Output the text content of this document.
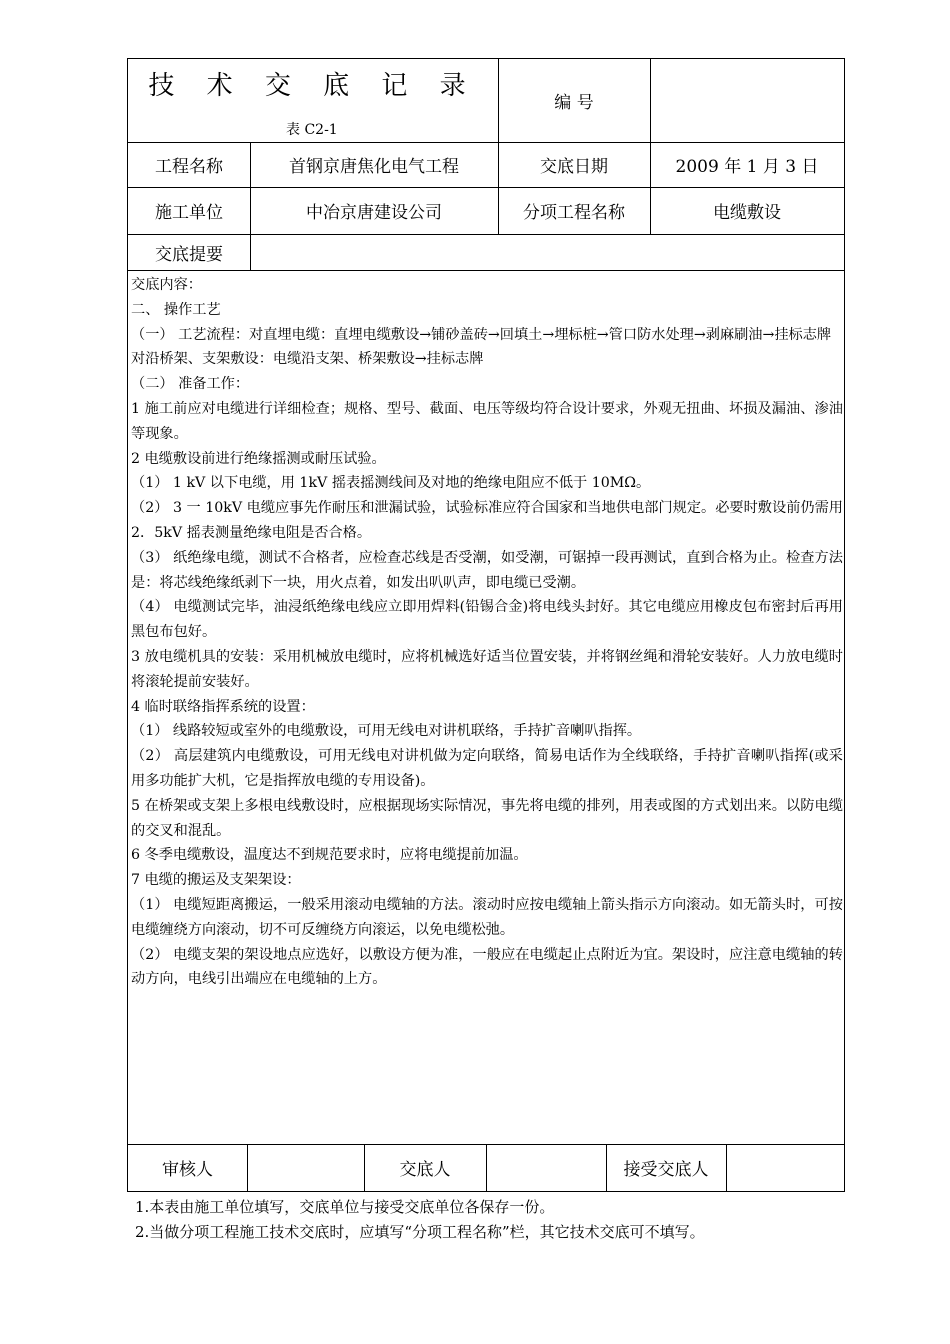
技 术 交 底 记 录
表 C2-1
编 号
工程名称	首钢京唐焦化电气工程	交底日期	2009 年 1 月 3 日
施工单位	中冶京唐建设公司	分项工程名称	电缆敷设
交底提要

交底内容：

二、 操作工艺

（一） 工艺流程：对直埋电缆：直埋电缆敷设→铺砂盖砖→回填土→埋标桩→管口防水处理→剥麻刷油→挂标志牌

对沿桥架、支架敷设：电缆沿支架、桥架敷设→挂标志牌

（二） 准备工作：

1 施工前应对电缆进行详细检查；规格、型号、截面、电压等级均符合设计要求，外观无扭曲、坏损及漏油、渗油等现象。

2 电缆敷设前进行绝缘摇测或耐压试验。

（1） 1 kV 以下电缆，用 1kV 摇表摇测线间及对地的绝缘电阻应不低于 10MΩ。

（2） 3 一 10kV 电缆应事先作耐压和泄漏试验，试验标准应符合国家和当地供电部门规定。必要时敷设前仍需用 2．5kV 摇表测量绝缘电阻是否合格。

（3） 纸绝缘电缆，测试不合格者，应检查芯线是否受潮，如受潮，可锯掉一段再测试，直到合格为止。检查方法是：将芯线绝缘纸剥下一块，用火点着，如发出叭叭声，即电缆已受潮。

（4） 电缆测试完毕，油浸纸绝缘电线应立即用焊料(铅锡合金)将电线头封好。其它电缆应用橡皮包布密封后再用黑包布包好。

3 放电缆机具的安装：采用机械放电缆时，应将机械选好适当位置安装，并将钢丝绳和滑轮安装好。人力放电缆时将滚轮提前安装好。

4 临时联络指挥系统的设置：

（1） 线路较短或室外的电缆敷设，可用无线电对讲机联络，手持扩音喇叭指挥。

（2） 高层建筑内电缆敷设，可用无线电对讲机做为定向联络，简易电话作为全线联络，手持扩音喇叭指挥(或采用多功能扩大机，它是指挥放电缆的专用设备)。

5 在桥架或支架上多根电线敷设时，应根据现场实际情况，事先将电缆的排列，用表或图的方式划出来。以防电缆的交叉和混乱。

6 冬季电缆敷设，温度达不到规范要求时，应将电缆提前加温。

7 电缆的搬运及支架架设：

（1） 电缆短距离搬运，一般采用滚动电缆轴的方法。滚动时应按电缆轴上箭头指示方向滚动。如无箭头时，可按电缆缠绕方向滚动，切不可反缠绕方向滚运，以免电缆松弛。

（2） 电缆支架的架设地点应选好，以敷设方便为准，一般应在电缆起止点附近为宜。架设时，应注意电缆轴的转动方向，电线引出端应在电缆轴的上方。

审核人	交底人	接受交底人
1.本表由施工单位填写，交底单位与接受交底单位各保存一份。
2.当做分项工程施工技术交底时，应填写“分项工程名称”栏，其它技术交底可不填写。
